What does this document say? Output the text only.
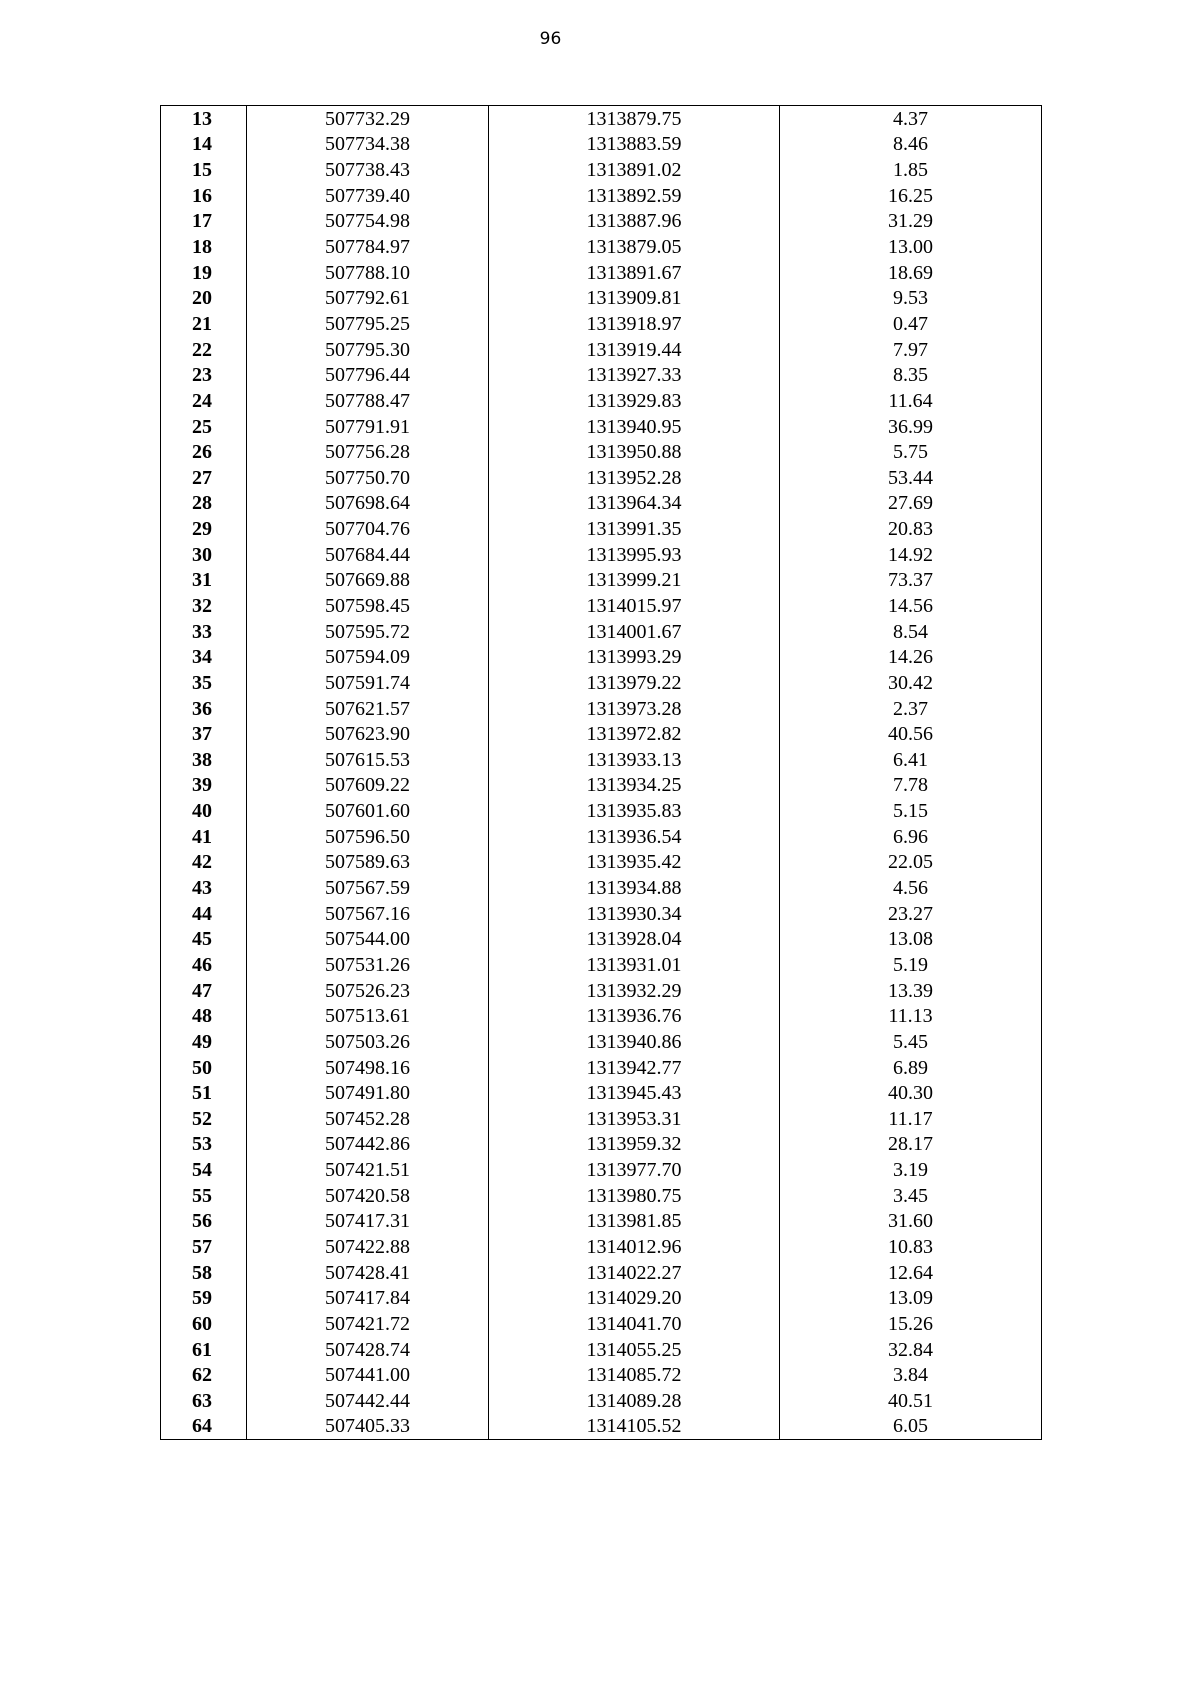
96
13	507732.29	1313879.75	4.37
14	507734.38	1313883.59	8.46
15	507738.43	1313891.02	1.85
16	507739.40	1313892.59	16.25
17	507754.98	1313887.96	31.29
18	507784.97	1313879.05	13.00
19	507788.10	1313891.67	18.69
20	507792.61	1313909.81	9.53
21	507795.25	1313918.97	0.47
22	507795.30	1313919.44	7.97
23	507796.44	1313927.33	8.35
24	507788.47	1313929.83	11.64
25	507791.91	1313940.95	36.99
26	507756.28	1313950.88	5.75
27	507750.70	1313952.28	53.44
28	507698.64	1313964.34	27.69
29	507704.76	1313991.35	20.83
30	507684.44	1313995.93	14.92
31	507669.88	1313999.21	73.37
32	507598.45	1314015.97	14.56
33	507595.72	1314001.67	8.54
34	507594.09	1313993.29	14.26
35	507591.74	1313979.22	30.42
36	507621.57	1313973.28	2.37
37	507623.90	1313972.82	40.56
38	507615.53	1313933.13	6.41
39	507609.22	1313934.25	7.78
40	507601.60	1313935.83	5.15
41	507596.50	1313936.54	6.96
42	507589.63	1313935.42	22.05
43	507567.59	1313934.88	4.56
44	507567.16	1313930.34	23.27
45	507544.00	1313928.04	13.08
46	507531.26	1313931.01	5.19
47	507526.23	1313932.29	13.39
48	507513.61	1313936.76	11.13
49	507503.26	1313940.86	5.45
50	507498.16	1313942.77	6.89
51	507491.80	1313945.43	40.30
52	507452.28	1313953.31	11.17
53	507442.86	1313959.32	28.17
54	507421.51	1313977.70	3.19
55	507420.58	1313980.75	3.45
56	507417.31	1313981.85	31.60
57	507422.88	1314012.96	10.83
58	507428.41	1314022.27	12.64
59	507417.84	1314029.20	13.09
60	507421.72	1314041.70	15.26
61	507428.74	1314055.25	32.84
62	507441.00	1314085.72	3.84
63	507442.44	1314089.28	40.51
64	507405.33	1314105.52	6.05
